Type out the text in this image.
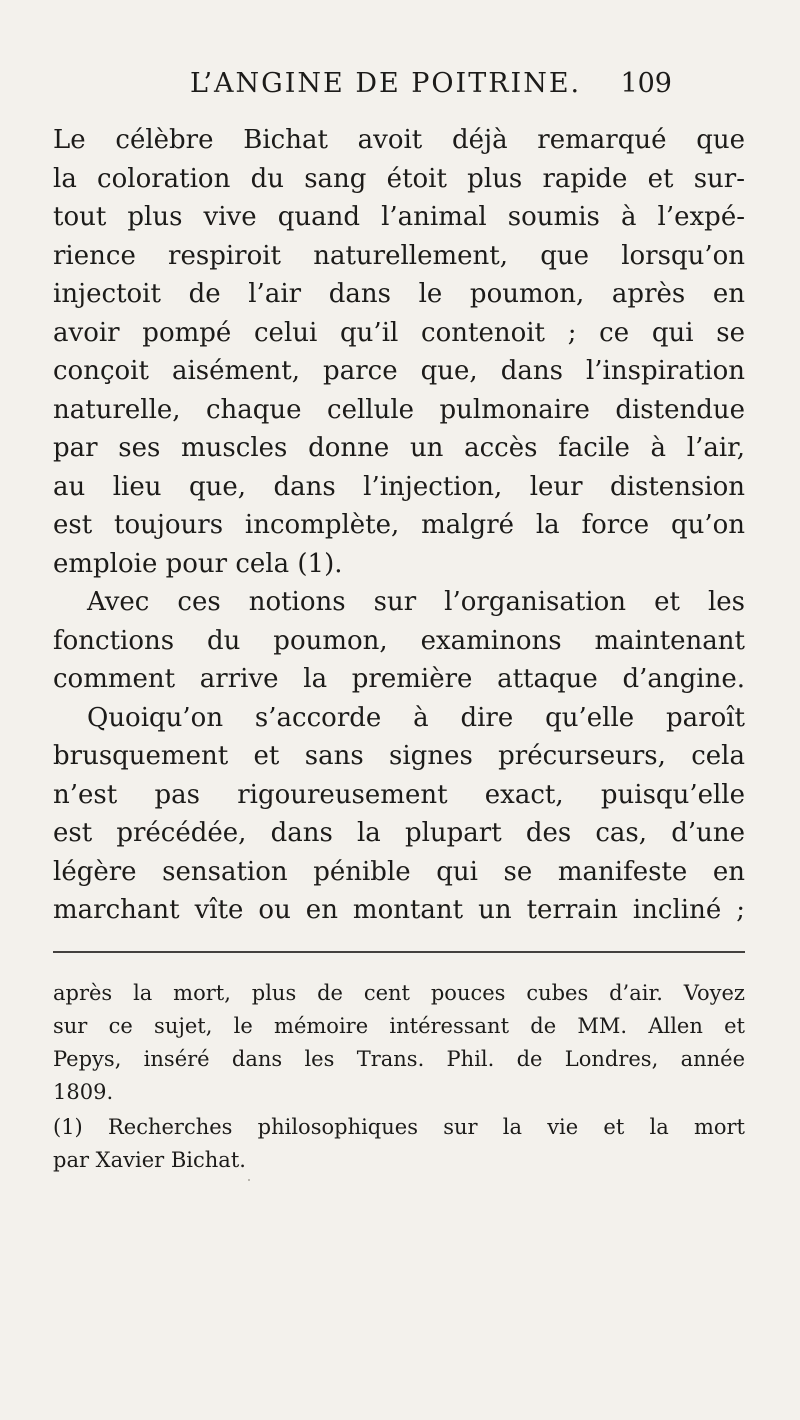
L’ANGINE DE POITRINE. 109
Le célèbre Bichat avoit déjà remarqué que
la coloration du sang étoit plus rapide et sur-
tout plus vive quand l’animal soumis à l’expé-
rience respiroit naturellement, que lorsqu’on
injectoit de l’air dans le poumon, après en
avoir pompé celui qu’il contenoit ; ce qui se
conçoit aisément, parce que, dans l’inspiration
naturelle, chaque cellule pulmonaire distendue
par ses muscles donne un accès facile à l’air,
au lieu que, dans l’injection, leur distension
est toujours incomplète, malgré la force qu’on
emploie pour cela (1).
Avec ces notions sur l’organisation et les
fonctions du poumon, examinons maintenant
comment arrive la première attaque d’angine.
Quoiqu’on s’accorde à dire qu’elle paroît
brusquement et sans signes précurseurs, cela
n’est pas rigoureusement exact, puisqu’elle
est précédée, dans la plupart des cas, d’une
légère sensation pénible qui se manifeste en
marchant vîte ou en montant un terrain incliné ;
après la mort, plus de cent pouces cubes d’air. Voyez
sur ce sujet, le mémoire intéressant de MM. Allen et
Pepys, inséré dans les Trans. Phil. de Londres, année
1809.
(1) Recherches philosophiques sur la vie et la mort
par Xavier Bichat.
